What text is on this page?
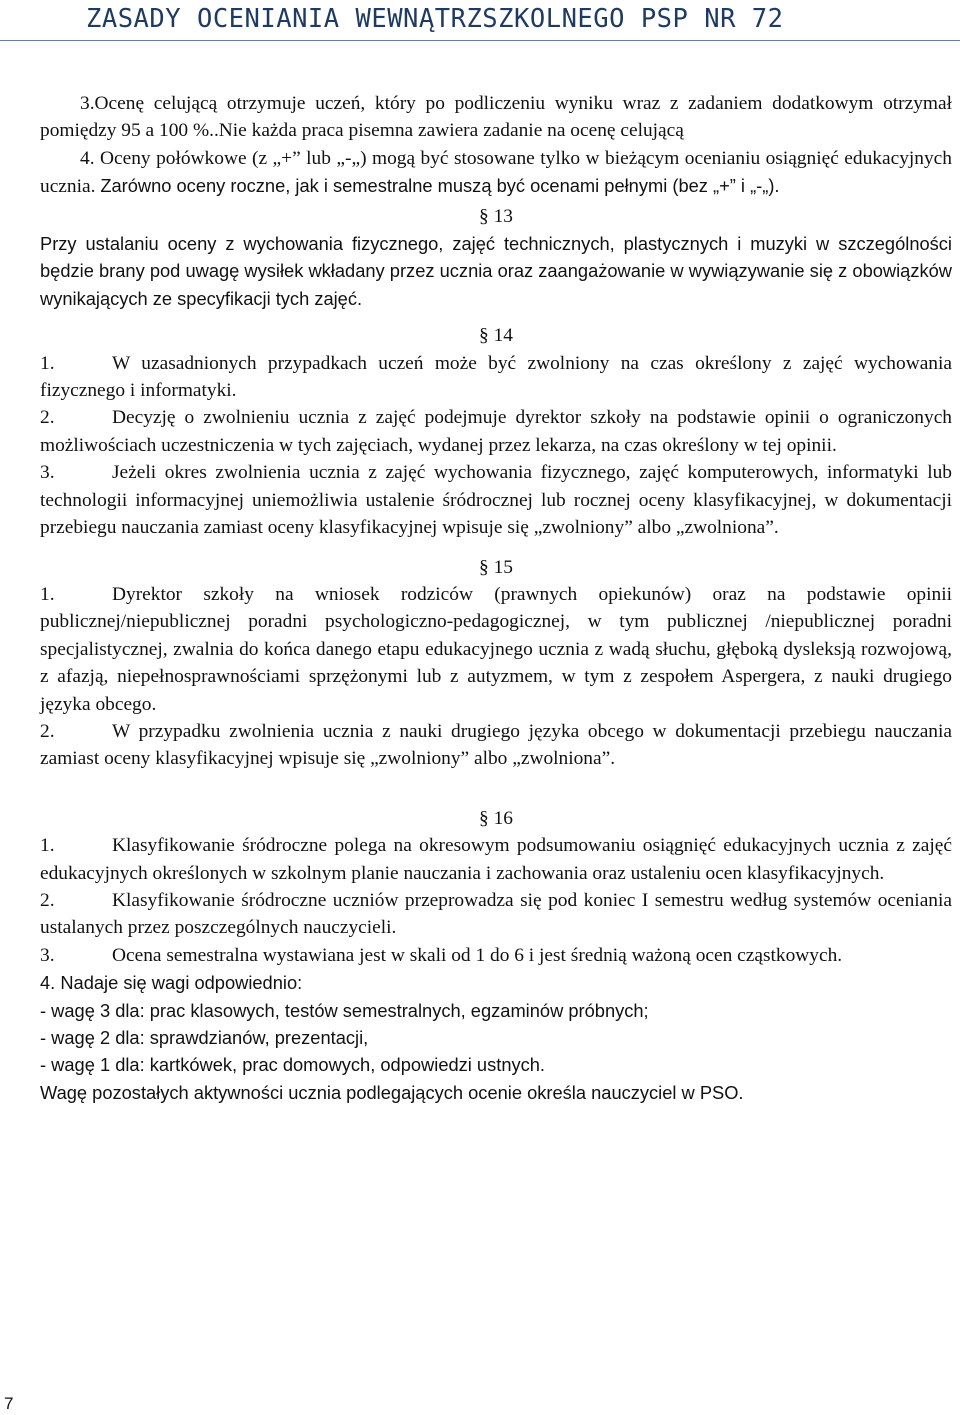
ZASADY OCENIANIA WEWNĄTRZSZKOLNEGO PSP NR 72

3.Ocenę celującą otrzymuje uczeń, który po podliczeniu wyniku wraz z zadaniem dodatkowym otrzymał pomiędzy 95 a 100 %..Nie każda praca pisemna zawiera zadanie na ocenę celującą

4. Oceny połówkowe (z „+” lub „-„) mogą być stosowane tylko w bieżącym ocenianiu osiągnięć edukacyjnych ucznia. Zarówno oceny roczne, jak i semestralne muszą być ocenami pełnymi (bez „+” i „-„).

§ 13

Przy ustalaniu oceny z wychowania fizycznego, zajęć technicznych, plastycznych i muzyki w szczególności będzie brany pod uwagę wysiłek wkładany przez ucznia oraz zaangażowanie w wywiązywanie się z obowiązków wynikających ze specyfikacji tych zajęć.

§ 14

1.	W uzasadnionych przypadkach uczeń może być zwolniony na czas określony z zajęć wychowania fizycznego i informatyki.

2.	Decyzję o zwolnieniu ucznia z zajęć podejmuje dyrektor szkoły na podstawie opinii o ograniczonych możliwościach uczestniczenia w tych zajęciach, wydanej przez lekarza, na czas określony w tej opinii.

3.	Jeżeli okres zwolnienia ucznia z zajęć wychowania fizycznego, zajęć komputerowych, informatyki lub technologii informacyjnej uniemożliwia ustalenie śródrocznej lub rocznej oceny klasyfikacyjnej, w dokumentacji przebiegu nauczania zamiast oceny klasyfikacyjnej wpisuje się „zwolniony” albo „zwolniona”.

§ 15

1.	Dyrektor szkoły na wniosek rodziców (prawnych opiekunów) oraz na podstawie opinii publicznej/niepublicznej poradni psychologiczno-pedagogicznej, w tym publicznej /niepublicznej poradni specjalistycznej, zwalnia do końca danego etapu edukacyjnego ucznia z wadą słuchu, głęboką dysleksją rozwojową, z afazją, niepełnosprawnościami sprzężonymi lub z autyzmem, w tym z zespołem Aspergera, z nauki drugiego języka obcego.

2.	W przypadku zwolnienia ucznia z nauki drugiego języka obcego w dokumentacji przebiegu nauczania zamiast oceny klasyfikacyjnej wpisuje się „zwolniony” albo „zwolniona”.

§ 16

1.	Klasyfikowanie śródroczne polega na okresowym podsumowaniu osiągnięć edukacyjnych ucznia z zajęć edukacyjnych określonych w szkolnym planie nauczania i zachowania oraz ustaleniu ocen klasyfikacyjnych.

2.	Klasyfikowanie śródroczne uczniów przeprowadza się pod koniec I semestru według systemów oceniania ustalanych przez poszczególnych nauczycieli.

3.	Ocena semestralna wystawiana jest w skali od 1 do 6 i jest średnią ważoną ocen cząstkowych.

4. Nadaje się wagi odpowiednio:

- wagę 3 dla: prac klasowych, testów semestralnych, egzaminów próbnych;

- wagę 2 dla: sprawdzianów, prezentacji,

- wagę 1 dla: kartkówek, prac domowych, odpowiedzi ustnych.

Wagę pozostałych aktywności ucznia podlegających ocenie określa nauczyciel w PSO.

7
